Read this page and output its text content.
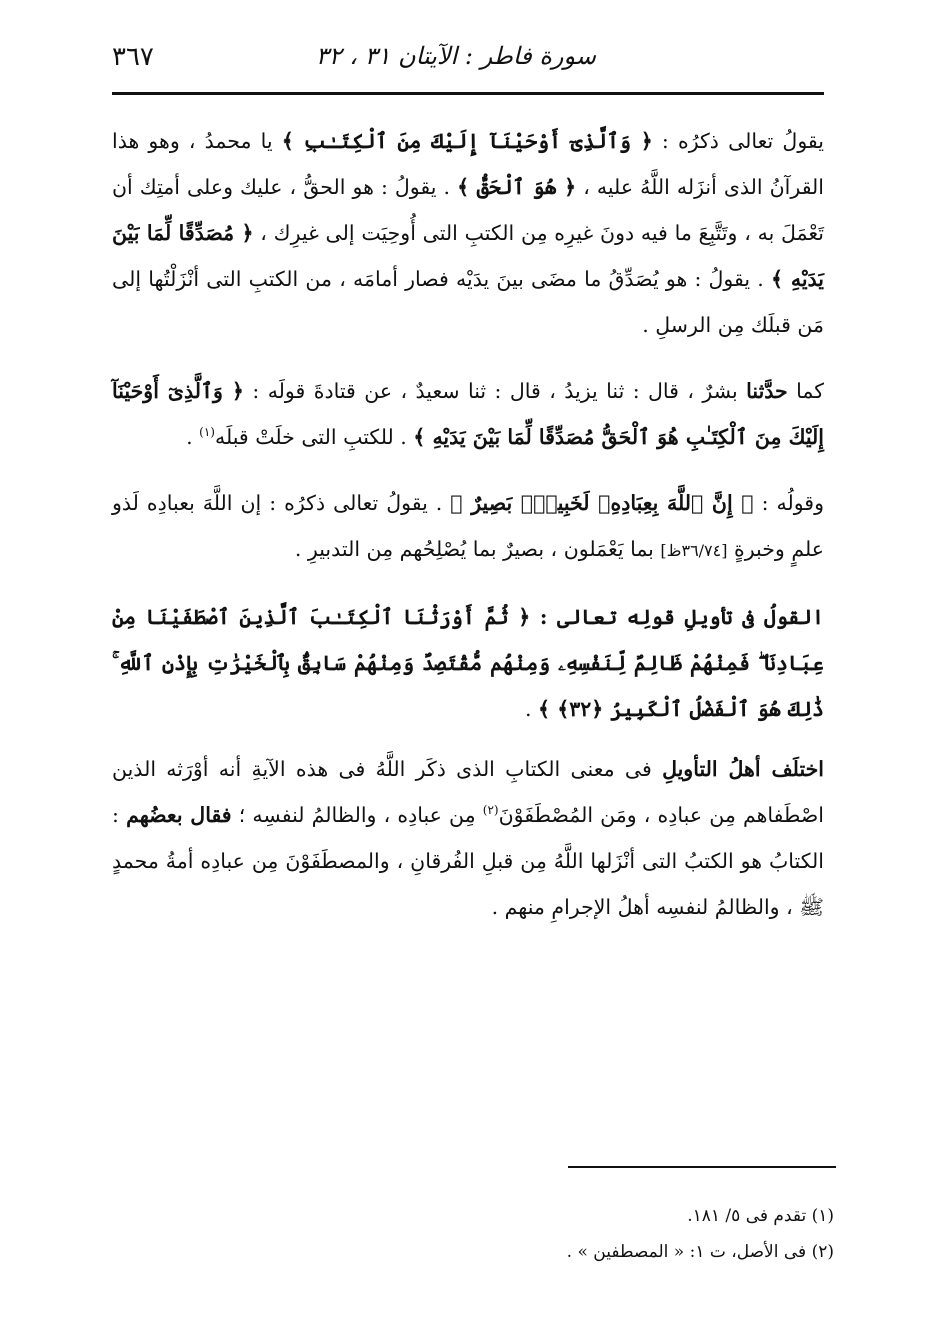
سورة فاطر : الآيتان ٣١ ، ٣٢
٣٦٧

يقولُ تعالى ذكرُه : ﴿ وَٱلَّذِىٓ أَوْحَيْنَآ إِلَيْكَ مِنَ ٱلْكِتَـٰبِ ﴾ يا محمدُ ، وهو هذا القرآنُ الذى أنزَله اللَّهُ عليه ، ﴿ هُوَ ٱلْحَقُّ ﴾ . يقولُ : هو الحقُّ ، عليك وعلى أمتِك أن تَعْمَلَ به ، وتَتَّبِعَ ما فيه دونَ غيرِه مِن الكتبِ التى أُوحِيَت إلى غيرِك ، ﴿ مُصَدِّقًا لِّمَا بَيْنَ يَدَيْهِ ﴾ . يقولُ : هو يُصَدِّقُ ما مضَى بينَ يدَيْه فصار أمامَه ، من الكتبِ التى أنْزَلْتُها إلى مَن قبلَك مِن الرسلِ .

كما حدَّثنا بشرٌ ، قال : ثنا يزيدُ ، قال : ثنا سعيدٌ ، عن قتادةَ قولَه : ﴿ وَٱلَّذِىٓ أَوْحَيْنَآ إِلَيْكَ مِنَ ٱلْكِتَـٰبِ هُوَ ٱلْحَقُّ مُصَدِّقًا لِّمَا بَيْنَ يَدَيْهِ ﴾ . للكتبِ التى خلَتْ قبلَه$^{(١)}$ .

وقولُه : ﴿ إِنَّ ٱللَّهَ بِعِبَادِهِۦ لَخَبِيرٌۢ بَصِيرٌ ﴾ . يقولُ تعالى ذكرُه : إن اللَّهَ بعبادِه لَذو علمٍ وخبرةٍ [٣٦/٧٤ظ] بما يَعْمَلون ، بصيرٌ بما يُصْلِحُهم مِن التدبيرِ .

القولُ فى تأويلِ قولِه تعالى : ﴿ ثُمَّ أَوْرَثْنَا ٱلْكِتَـٰبَ ٱلَّذِينَ ٱصْطَفَيْنَا مِنْ عِبَادِنَا ۖ فَمِنْهُمْ ظَالِمٌ لِّنَفْسِهِۦ وَمِنْهُم مُّقْتَصِدٌ وَمِنْهُمْ سَابِقٌۢ بِٱلْخَيْرَٰتِ بِإِذْنِ ٱللَّهِ ۚ ذَٰلِكَ هُوَ ٱلْفَضْلُ ٱلْكَبِيرُ ﴿٣٢﴾ ﴾ .

اختلَف أهلُ التأويلِ فى معنى الكتابِ الذى ذكَر اللَّهُ فى هذه الآيةِ أنه أوْرَثه الذين اصْطَفاهم مِن عبادِه ، ومَن المُصْطَفَوْنَ$^{(٢)}$ مِن عبادِه ، والظالمُ لنفسِه ؛ فقال بعضُهم : الكتابُ هو الكتبُ التى أنْزَلها اللَّهُ مِن قبلِ الفُرقانِ ، والمصطَفَوْنَ مِن عبادِه أمةُ محمدٍ ﷺ ، والظالمُ لنفسِه أهلُ الإجرامِ منهم .

(١) تقدم فى ٥/ ١٨١.
(٢) فى الأصل، ت ١: « المصطفين » .
